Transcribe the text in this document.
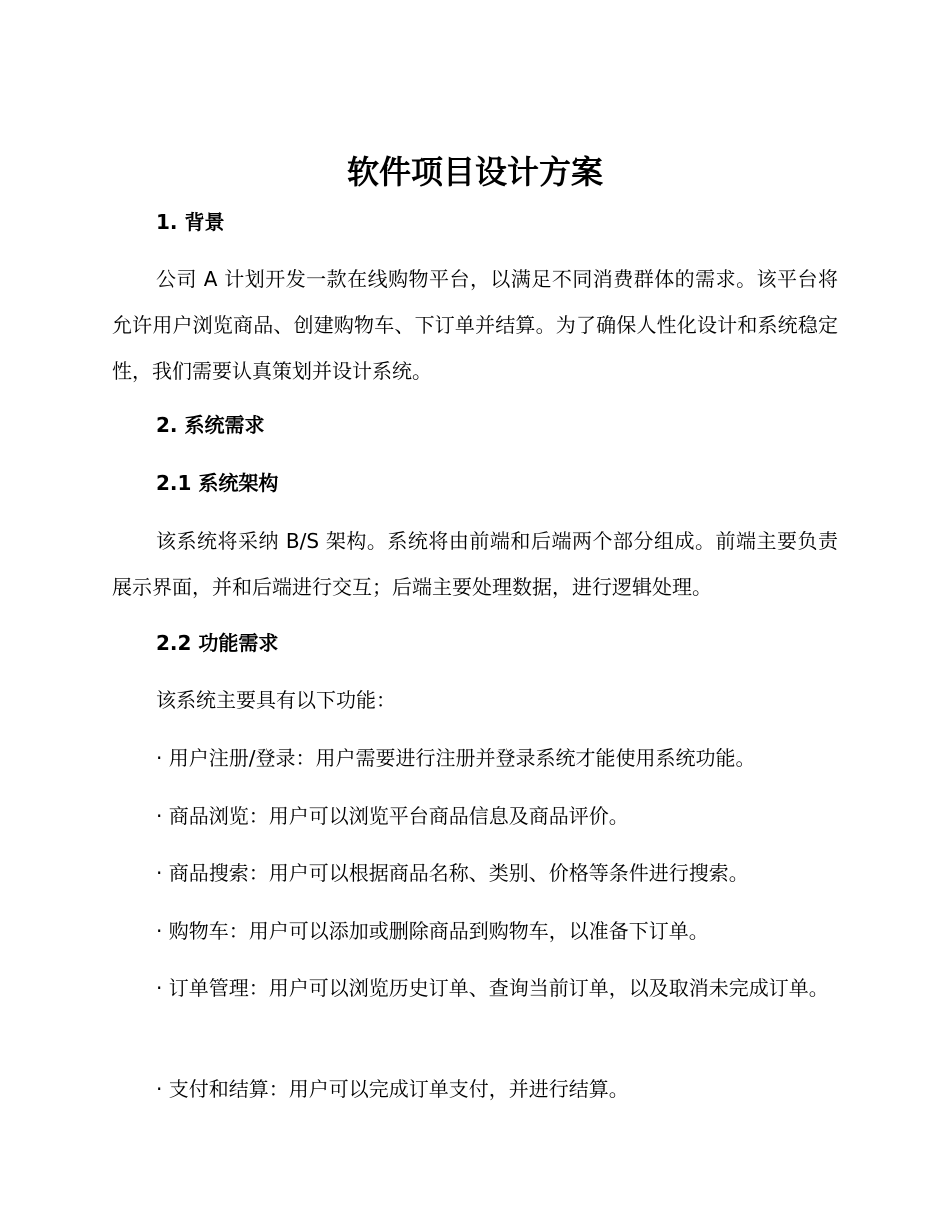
软件项目设计方案
1. 背景

公司 A 计划开发一款在线购物平台，以满足不同消费群体的需求。该平台将允许用户浏览商品、创建购物车、下订单并结算。为了确保人性化设计和系统稳定性，我们需要认真策划并设计系统。

2. 系统需求
2.1 系统架构

该系统将采纳 B/S 架构。系统将由前端和后端两个部分组成。前端主要负责展示界面，并和后端进行交互；后端主要处理数据，进行逻辑处理。

2.2 功能需求

该系统主要具有以下功能：

· 用户注册/登录：用户需要进行注册并登录系统才能使用系统功能。

· 商品浏览：用户可以浏览平台商品信息及商品评价。

· 商品搜索：用户可以根据商品名称、类别、价格等条件进行搜索。

· 购物车：用户可以添加或删除商品到购物车，以准备下订单。

· 订单管理：用户可以浏览历史订单、查询当前订单，以及取消未完成订单。

· 支付和结算：用户可以完成订单支付，并进行结算。
